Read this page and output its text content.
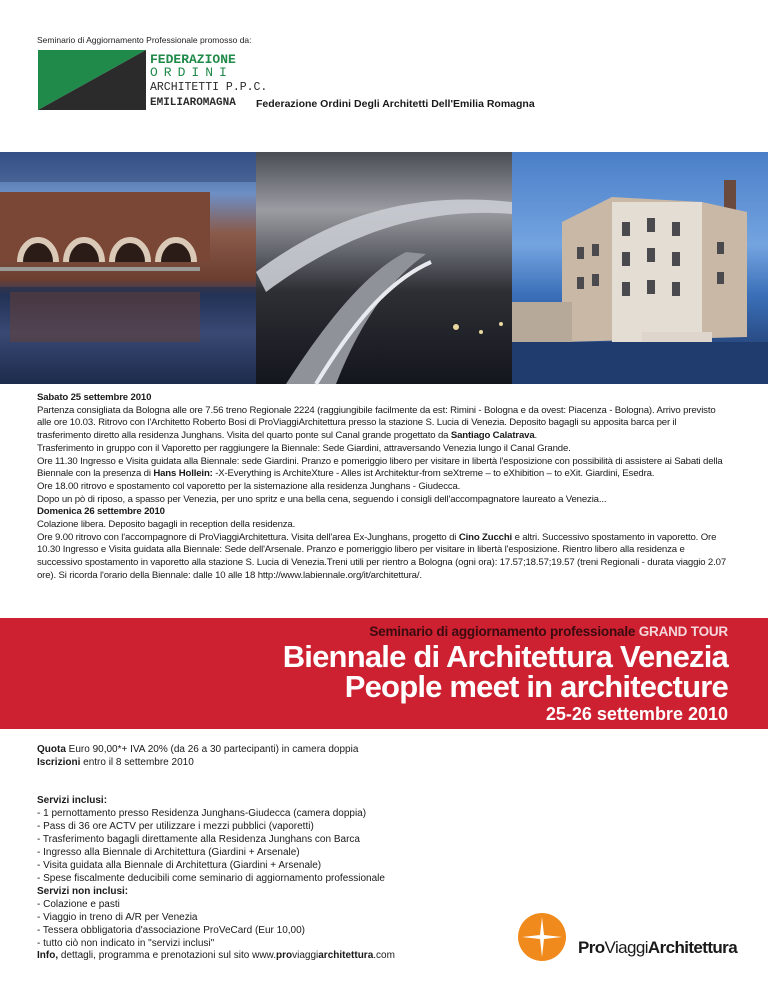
Seminario di Aggiornamento Professionale promosso da:
FEDERAZIONE
ORDINI
ARCHITETTI P.P.C.
EMILIAROMAGNA Federazione Ordini Degli Architetti Dell'Emilia Romagna

Sabato 25 settembre 2010

Partenza consigliata da Bologna alle ore 7.56 treno Regionale 2224 (raggiungibile facilmente da est: Rimini - Bologna e da ovest: Piacenza - Bologna). Arrivo previsto alle ore 10.03. Ritrovo con l'Architetto Roberto Bosi di ProViaggiArchitettura presso la stazione S. Lucia di Venezia. Deposito bagagli su apposita barca per il trasferimento diretto alla residenza Junghans. Visita del quarto ponte sul Canal grande progettato da Santiago Calatrava.

Trasferimento in gruppo con il Vaporetto per raggiungere la Biennale: Sede Giardini, attraversando Venezia lungo il Canal Grande.

Ore 11.30 Ingresso e Visita guidata alla Biennale: sede Giardini. Pranzo e pomeriggio libero per visitare in libertà l'esposizione con possibilità di assistere ai Sabati della Biennale con la presenza di Hans Hollein: -X-Everything is ArchiteXture - Alles ist Architektur-from seXtreme – to eXhibition – to eXit. Giardini, Esedra.

Ore 18.00 ritrovo e spostamento col vaporetto per la sistemazione alla residenza Junghans - Giudecca.

Dopo un pò di riposo, a spasso per Venezia, per uno spritz e una bella cena, seguendo i consigli dell'accompagnatore laureato a Venezia...

Domenica 26 settembre 2010

Colazione libera. Deposito bagagli in reception della residenza.

Ore 9.00 ritrovo con l'accompagnore di ProViaggiArchitettura. Visita dell'area Ex-Junghans, progetto di Cino Zucchi e altri. Successivo spostamento in vaporetto. Ore 10.30 Ingresso e Visita guidata alla Biennale: Sede dell'Arsenale. Pranzo e pomeriggio libero per visitare in libertà l'esposizione. Rientro libero alla residenza e successivo spostamento in vaporetto alla stazione S. Lucia di Venezia.Treni utili per rientro a Bologna (ogni ora): 17.57;18.57;19.57 (treni Regionali - durata viaggio 2.07 ore). Si ricorda l'orario della Biennale: dalle 10 alle 18 http://www.labiennale.org/it/architettura/.

Seminario di aggiornamento professionale GRAND TOUR
Biennale di Architettura Venezia
People meet in architecture
25-26 settembre 2010
Quota Euro 90,00*+ IVA 20% (da 26 a 30 partecipanti) in camera doppia
Iscrizioni entro il 8 settembre 2010
Servizi inclusi:
- 1 pernottamento presso Residenza Junghans-Giudecca (camera doppia)
- Pass di 36 ore ACTV per utilizzare i mezzi pubblici (vaporetti)
- Trasferimento bagagli direttamente alla Residenza Junghans con Barca
- Ingresso alla Biennale di Architettura (Giardini + Arsenale)
- Visita guidata alla Biennale di Architettura (Giardini + Arsenale)
- Spese fiscalmente deducibili come seminario di aggiornamento professionale
Servizi non inclusi:
- Colazione e pasti
- Viaggio in treno di A/R per Venezia
- Tessera obbligatoria d'associazione ProVeCard (Eur 10,00)
- tutto ciò non indicato in "servizi inclusi"
Info, dettagli, programma e prenotazioni sul sito www.proviaggiarchitettura.com	ProViaggiArchitettura
